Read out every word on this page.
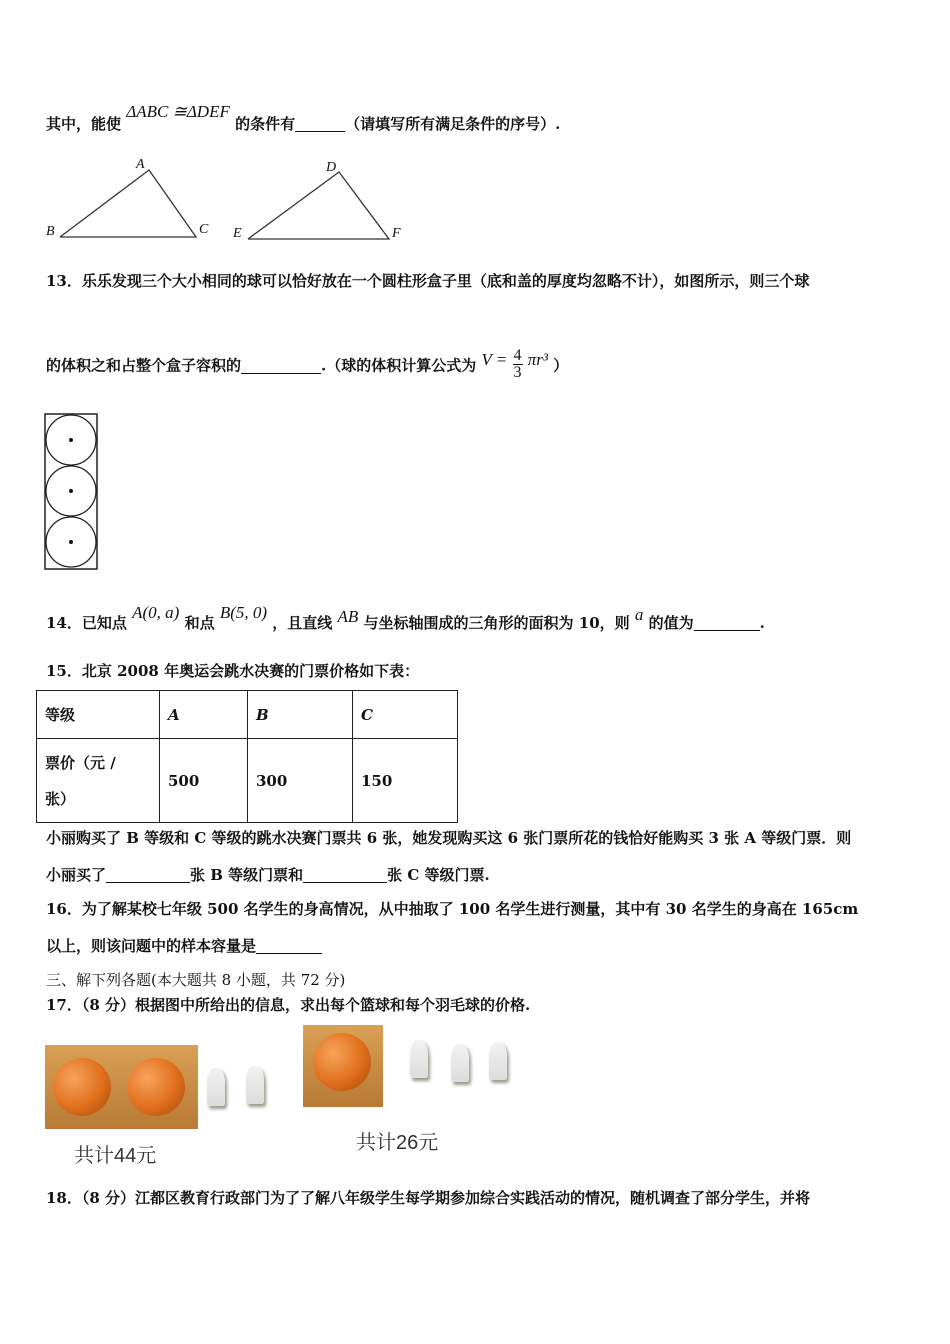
其中，能使 ΔABC ≅ΔDEF 的条件有	（请填写所有满足条件的序号）.
A
B	C
D
E	F
13．乐乐发现三个大小相同的球可以恰好放在一个圆柱形盒子里（底和盖的厚度均忽略不计），如图所示，则三个球
的体积之和占整个盒子容积的	.（球的体积计算公式为 $V = \frac{4}{3} \pi r^3$ ）
14．已知点 A(0, a) 和点 B(5, 0) ，且直线 AB 与坐标轴围成的三角形的面积为 10，则 a 的值为	.
15．北京 2008 年奥运会跳水决赛的门票价格如下表：
等级	A	B	C
票价（元 /
张）	500	300	150
小丽购买了 B 等级和 C 等级的跳水决赛门票共 6 张，她发现购买这 6 张门票所花的钱恰好能购买 3 张 A 等级门票．则
小丽买了	张 B 等级门票和	张 C 等级门票.
16．为了解某校七年级 500 名学生的身高情况，从中抽取了 100 名学生进行测量，其中有 30 名学生的身高在 165cm
以上，则该问题中的样本容量是
三、解下列各题(本大题共 8 小题，共 72 分)
17．（8 分）根据图中所给出的信息，求出每个篮球和每个羽毛球的价格.
共计44元
共计26元
18．（8 分）江都区教育行政部门为了了解八年级学生每学期参加综合实践活动的情况，随机调查了部分学生，并将
